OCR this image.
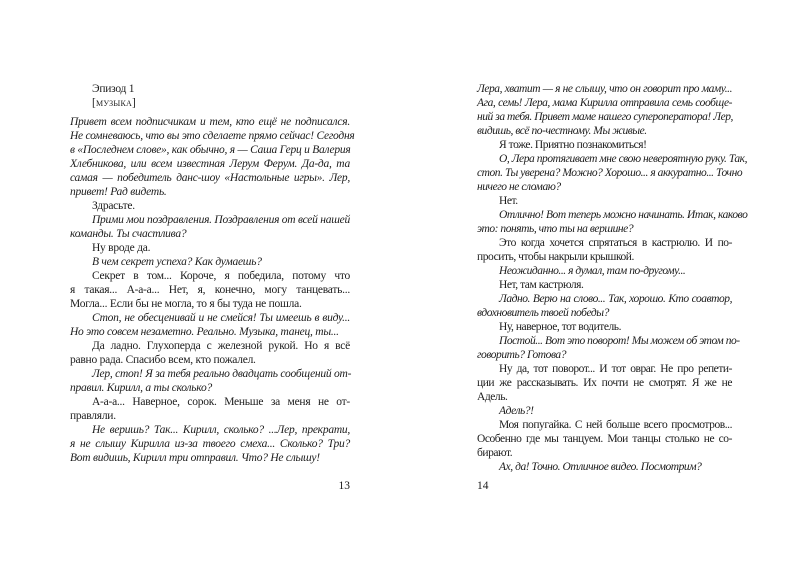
Эпизод 1
[музыка]
Привет всем подписчикам и тем, кто ещё не подписался.
Не сомневаюсь, что вы это сделаете прямо сейчас! Сегодня
в «Последнем слове», как обычно, я — Саша Герц и Валерия
Хлебникова, или всем известная Лерум Ферум. Да-да, та
самая — победитель данс-шоу «Настольные игры». Лер,
привет! Рад видеть.
Здрасьте.
Прими мои поздравления. Поздравления от всей нашей
команды. Ты счастлива?
Ну вроде да.
В чем секрет успеха? Как думаешь?
Секрет в том... Короче, я победила, потому что
я такая... А-а-а... Нет, я, конечно, могу танцевать...
Могла... Если бы не могла, то я бы туда не пошла.
Стоп, не обесценивай и не смейся! Ты имеешь в виду...
Но это совсем незаметно. Реально. Музыка, танец, ты...
Да ладно. Глухоперда с железной рукой. Но я всё
равно рада. Спасибо всем, кто пожалел.
Лер, стоп! Я за тебя реально двадцать сообщений от-
правил. Кирилл, а ты сколько?
А-а-а... Наверное, сорок. Меньше за меня не от-
правляли.
Не веришь? Так... Кирилл, сколько? ...Лер, прекрати,
я не слышу Кирилла из-за твоего смеха... Сколько? Три?
Вот видишь, Кирилл три отправил. Что? Не слышу!
Лера, хватит — я не слышу, что он говорит про маму...
Ага, семь! Лера, мама Кирилла отправила семь сообще-
ний за тебя. Привет маме нашего супероператора! Лер,
видишь, всё по-честному. Мы живые.
Я тоже. Приятно познакомиться!
О, Лера протягивает мне свою невероятную руку. Так,
стоп. Ты уверена? Можно? Хорошо... я аккуратно... Точно
ничего не сломаю?
Нет.
Отлично! Вот теперь можно начинать. Итак, каково
это: понять, что ты на вершине?
Это когда хочется спрятаться в кастрюлю. И по-
просить, чтобы накрыли крышкой.
Неожиданно... я думал, там по-другому...
Нет, там кастрюля.
Ладно. Верю на слово... Так, хорошо. Кто соавтор,
вдохновитель твоей победы?
Ну, наверное, тот водитель.
Постой... Вот это поворот! Мы можем об этом по-
говорить? Готова?
Ну да, тот поворот... И тот овраг. Не про репети-
ции же рассказывать. Их почти не смотрят. Я же не
Адель.
Адель?!
Моя попугайка. С ней больше всего просмотров...
Особенно где мы танцуем. Мои танцы столько не со-
бирают.
Ах, да! Точно. Отличное видео. Посмотрим?
13	14
